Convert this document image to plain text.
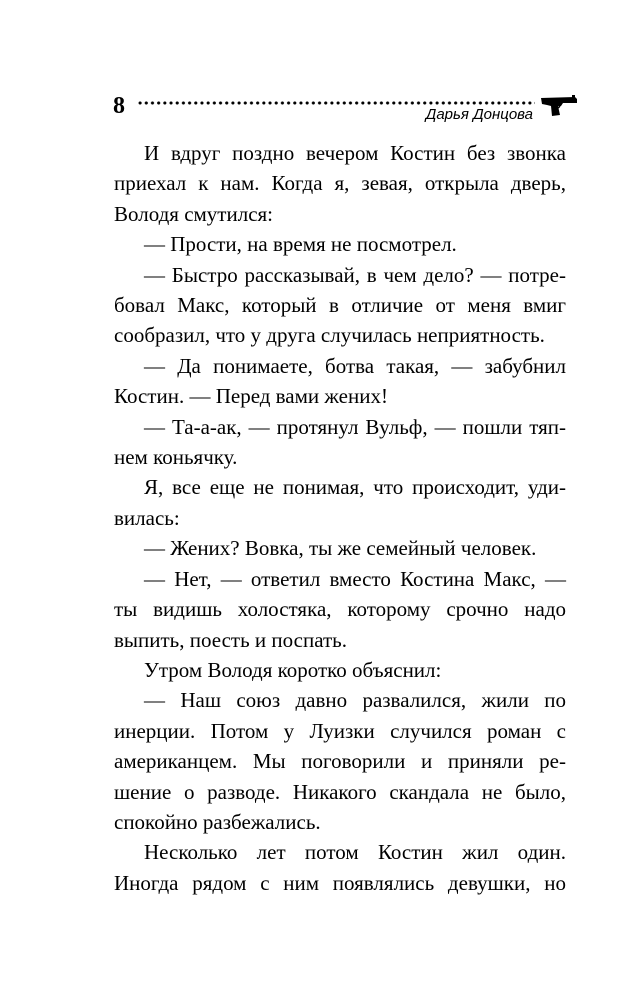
8	Дарья Донцова
И вдруг поздно вечером Костин без звонка
приехал к нам. Когда я, зевая, открыла дверь,
Володя смутился:
— Прости, на время не посмотрел.
— Быстро рассказывай, в чем дело? — потре-
бовал Макс, который в отличие от меня вмиг
сообразил, что у друга случилась неприятность.
— Да понимаете, ботва такая, — забубнил
Костин. — Перед вами жених!
— Та-а-ак, — протянул Вульф, — пошли тяп-
нем коньячку.
Я, все еще не понимая, что происходит, уди-
вилась:
— Жених? Вовка, ты же семейный человек.
— Нет, — ответил вместо Костина Макс, —
ты видишь холостяка, которому срочно надо
выпить, поесть и поспать.
Утром Володя коротко объяснил:
— Наш союз давно развалился, жили по
инерции. Потом у Луизки случился роман с
американцем. Мы поговорили и приняли ре-
шение о разводе. Никакого скандала не было,
спокойно разбежались.
Несколько лет потом Костин жил один.
Иногда рядом с ним появлялись девушки, но
